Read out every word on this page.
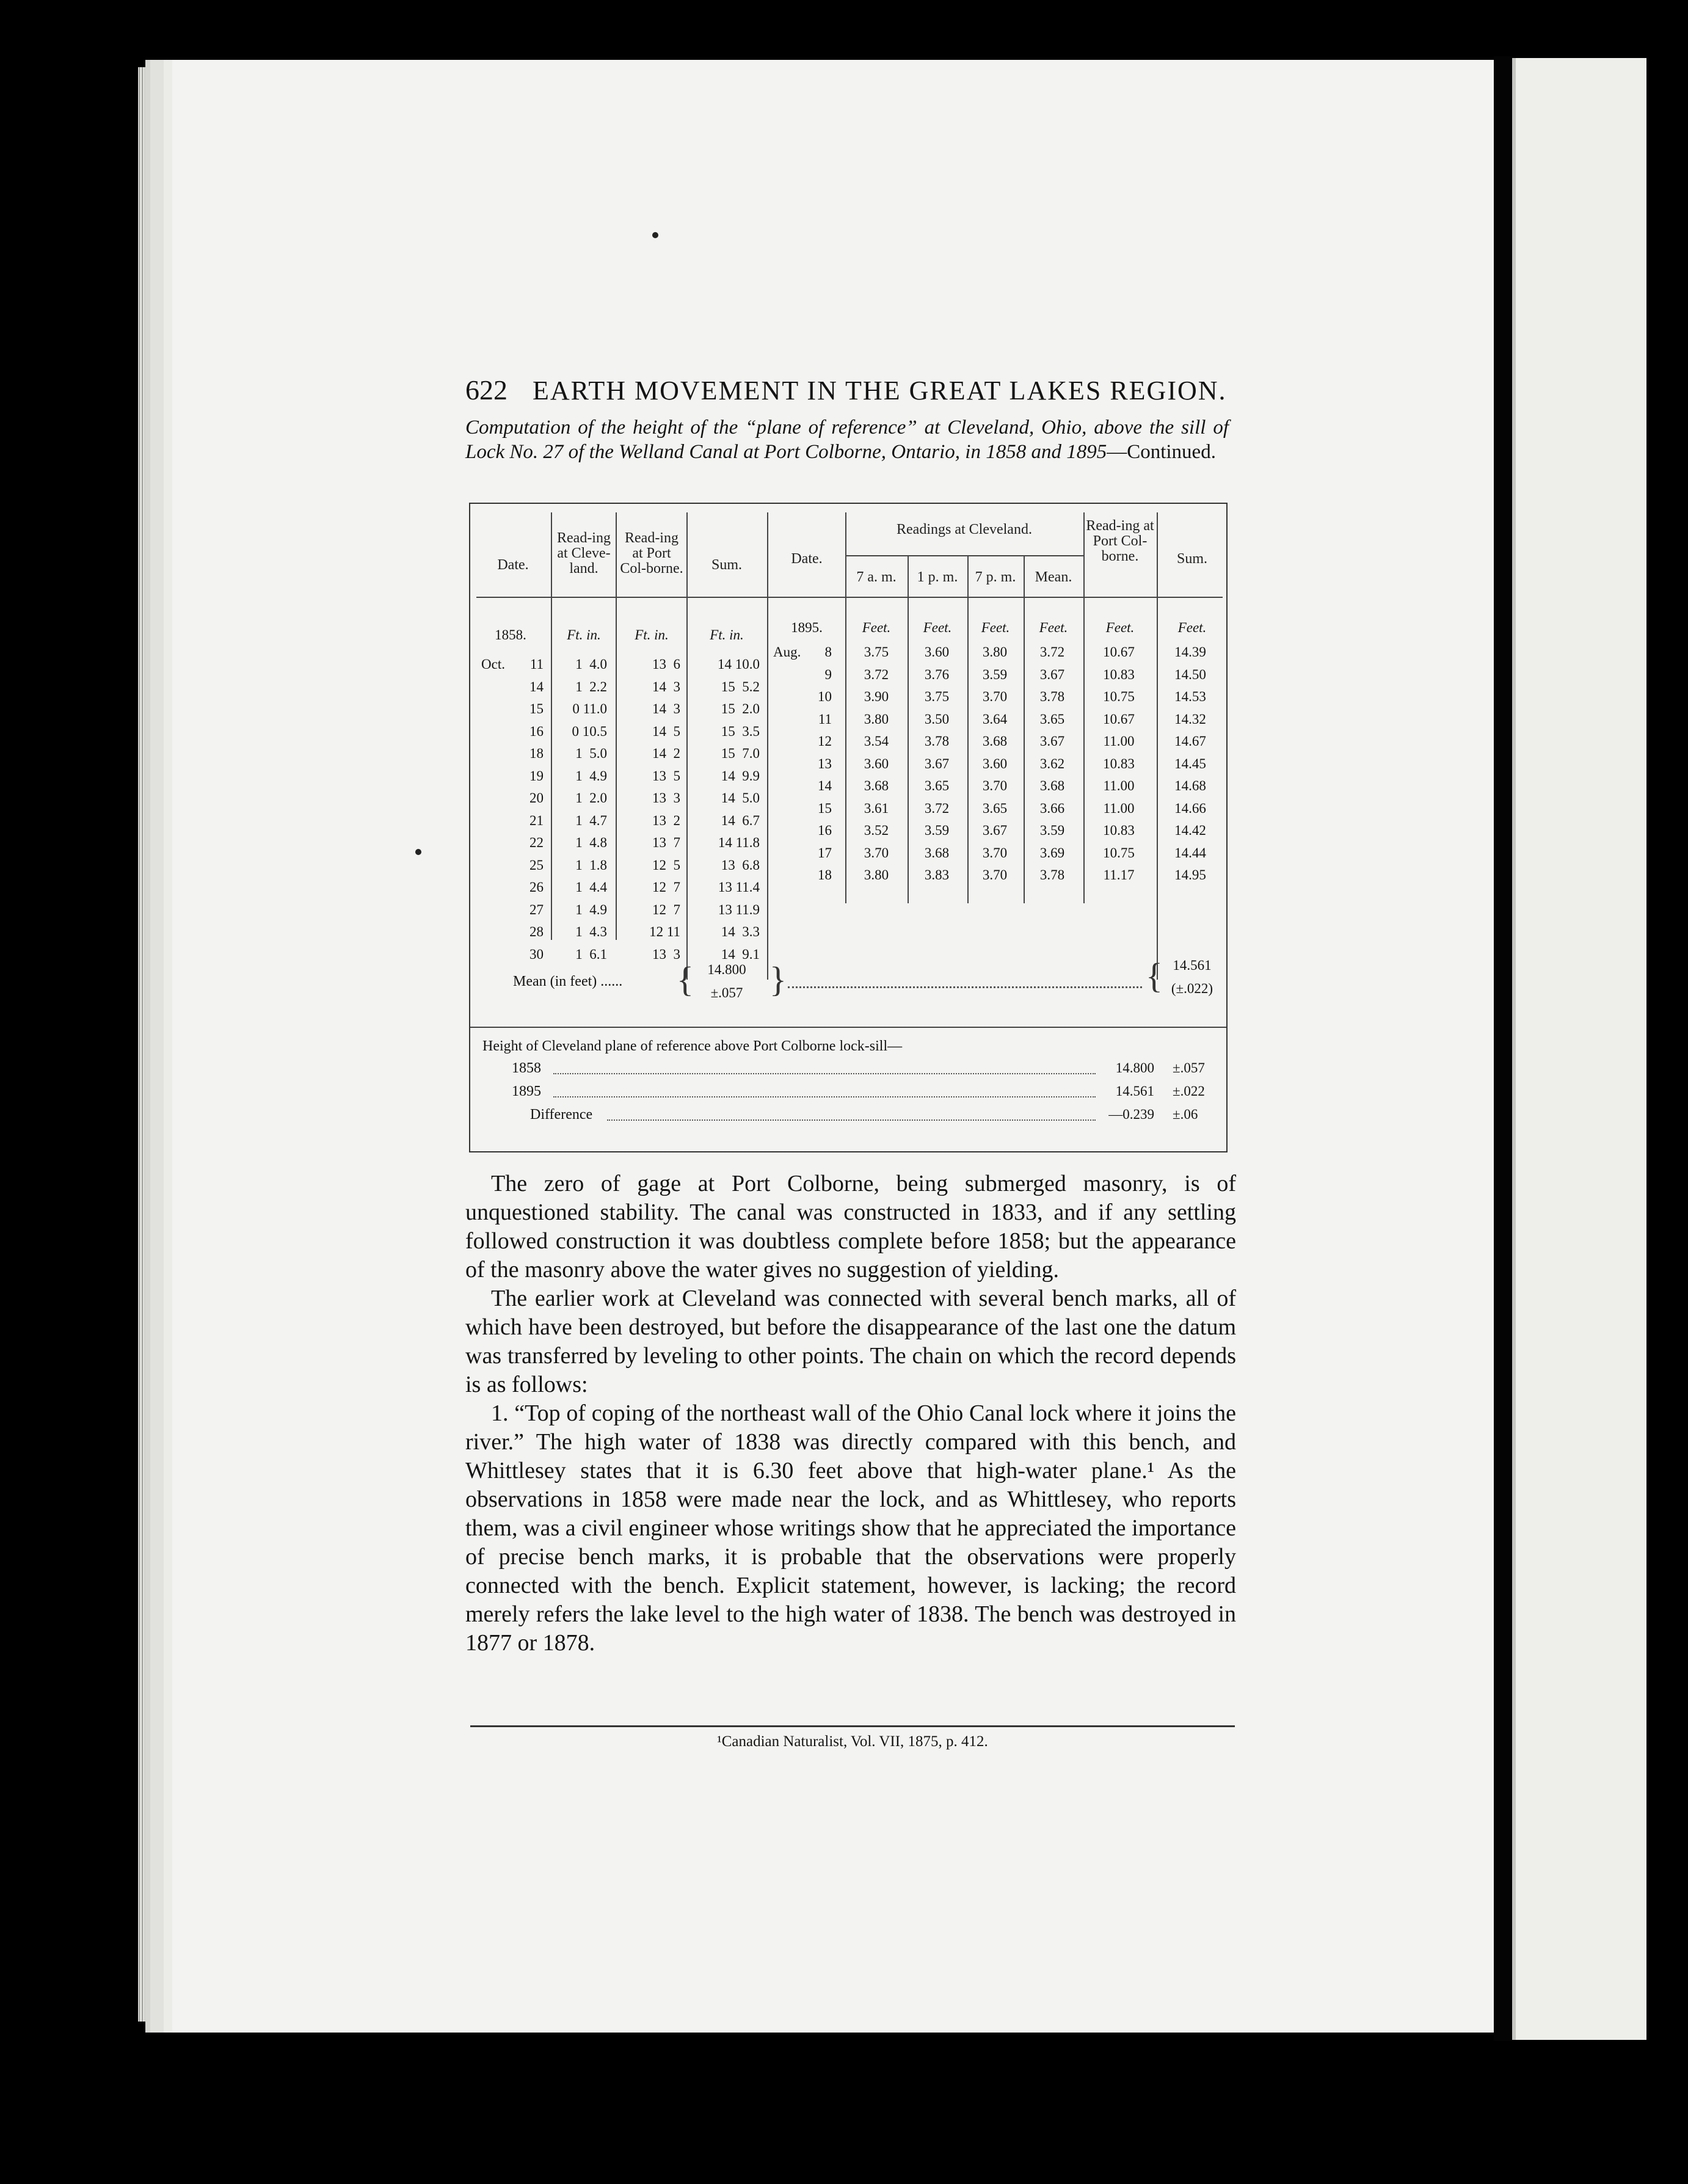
622 EARTH MOVEMENT IN THE GREAT LAKES REGION.
Computation of the height of the “plane of reference” at Cleveland, Ohio, above the sill of Lock No. 27 of the Welland Canal at Port Colborne, Ontario, in 1858 and 1895—Continued.
Date.
Read-ing at Cleve-land.
Read-ing at Port Col-borne.	Sum.	Date.
Readings at Cleveland.
7 a. m.	1 p. m.	7 p. m.	Mean.
Read-ing at Port Col-borne.	Sum.
1858.	Ft. in.	Ft. in.	Ft. in.	1895.	Feet.	Feet.	Feet.	Feet.	Feet.	Feet.
Oct.	11	1  4.0	13  6	14 10.0
14	1  2.2	14  3	15  5.2
15	0 11.0	14  3	15  2.0
16	0 10.5	14  5	15  3.5
18	1  5.0	14  2	15  7.0
19	1  4.9	13  5	14  9.9
20	1  2.0	13  3	14  5.0
21	1  4.7	13  2	14  6.7
22	1  4.8	13  7	14 11.8
25	1  1.8	12  5	13  6.8
26	1  4.4	12  7	13 11.4
27	1  4.9	12  7	13 11.9
28	1  4.3	12 11	14  3.3
30	1  6.1	13  3	14  9.1
Aug.	8	3.75	3.60	3.80	3.72	10.67	14.39
9	3.72	3.76	3.59	3.67	10.83	14.50
10	3.90	3.75	3.70	3.78	10.75	14.53
11	3.80	3.50	3.64	3.65	10.67	14.32
12	3.54	3.78	3.68	3.67	11.00	14.67
13	3.60	3.67	3.60	3.62	10.83	14.45
14	3.68	3.65	3.70	3.68	11.00	14.68
15	3.61	3.72	3.65	3.66	11.00	14.66
16	3.52	3.59	3.67	3.59	10.83	14.42
17	3.70	3.68	3.70	3.69	10.75	14.44
18	3.80	3.83	3.70	3.78	11.17	14.95
Mean (in feet) ...... { 14.800
±.057 }	{ 14.561
(±.022)
Height of Cleveland plane of reference above Port Colborne lock-sill—
1858	14.800 ±.057
1895	14.561 ±.022
Difference	—0.239 ±.06

The zero of gage at Port Colborne, being submerged masonry, is of unquestioned stability. The canal was constructed in 1833, and if any settling followed construction it was doubtless complete before 1858; but the appearance of the masonry above the water gives no suggestion of yielding.

The earlier work at Cleveland was connected with several bench marks, all of which have been destroyed, but before the disappearance of the last one the datum was transferred by leveling to other points. The chain on which the record depends is as follows:

1. “Top of coping of the northeast wall of the Ohio Canal lock where it joins the river.” The high water of 1838 was directly compared with this bench, and Whittlesey states that it is 6.30 feet above that high-water plane.¹ As the observations in 1858 were made near the lock, and as Whittlesey, who reports them, was a civil engineer whose writings show that he appreciated the importance of precise bench marks, it is probable that the observations were properly connected with the bench. Explicit statement, however, is lacking; the record merely refers the lake level to the high water of 1838. The bench was destroyed in 1877 or 1878.

¹Canadian Naturalist, Vol. VII, 1875, p. 412.
